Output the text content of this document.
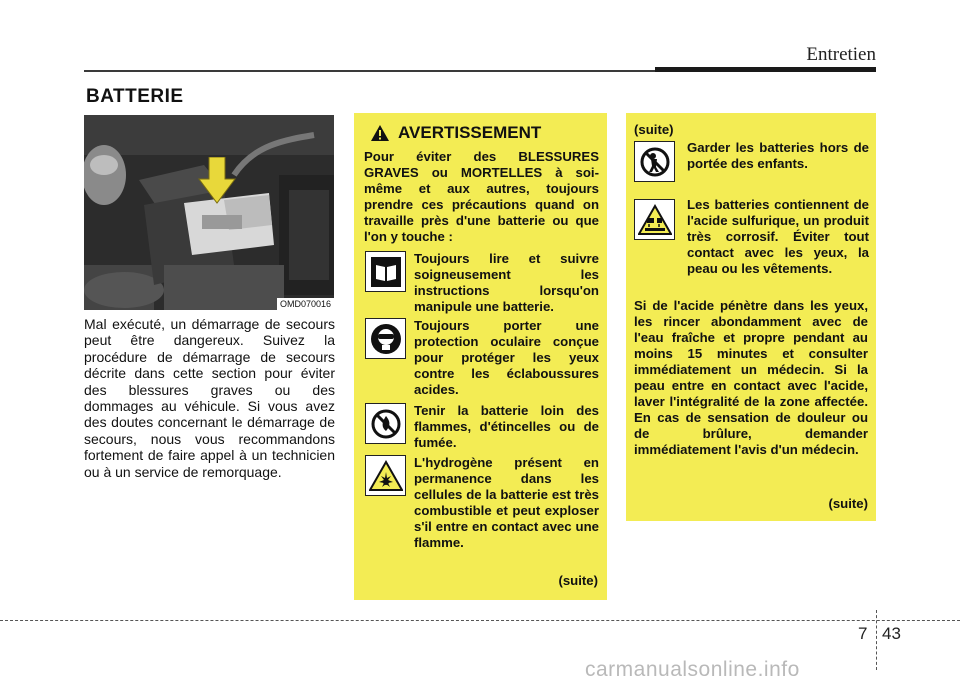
Entretien
BATTERIE
OMD070016
Mal exécuté, un démarrage de secours peut être dangereux. Suivez la procédure de démarrage de secours décrite dans cette section pour éviter des blessures graves ou des dommages au véhicule. Si vous avez des doutes concernant le démarrage de secours, nous vous recommandons fortement de faire appel à un technicien ou à un service de remorquage.
AVERTISSEMENT
Pour éviter des BLESSURES GRAVES ou MORTELLES à soi-même et aux autres, toujours prendre ces précautions quand on travaille près d'une batterie ou que l'on y touche :
i
Toujours lire et suivre soigneusement les instructions lorsqu'on manipule une batterie.
Toujours porter une protection oculaire conçue pour protéger les yeux contre les éclaboussures acides.
Tenir la batterie loin des flammes, d'étincelles ou de fumée.
L'hydrogène présent en permanence dans les cellules de la batterie est très combustible et peut exploser s'il entre en contact avec une flamme.
(suite)
(suite)
Garder les batteries hors de portée des enfants.
Les batteries contiennent de l'acide sulfurique, un produit très corrosif. Éviter tout contact avec les yeux, la peau ou les vêtements.
Si de l'acide pénètre dans les yeux, les rincer abondamment avec de l'eau fraîche et propre pendant au moins 15 minutes et consulter immédiatement un médecin. Si la peau entre en contact avec l'acide, laver l'intégralité de la zone affectée. En cas de sensation de douleur ou de brûlure, demander immédiatement l'avis d'un médecin.
(suite)
7 43
carmanualsonline.info
